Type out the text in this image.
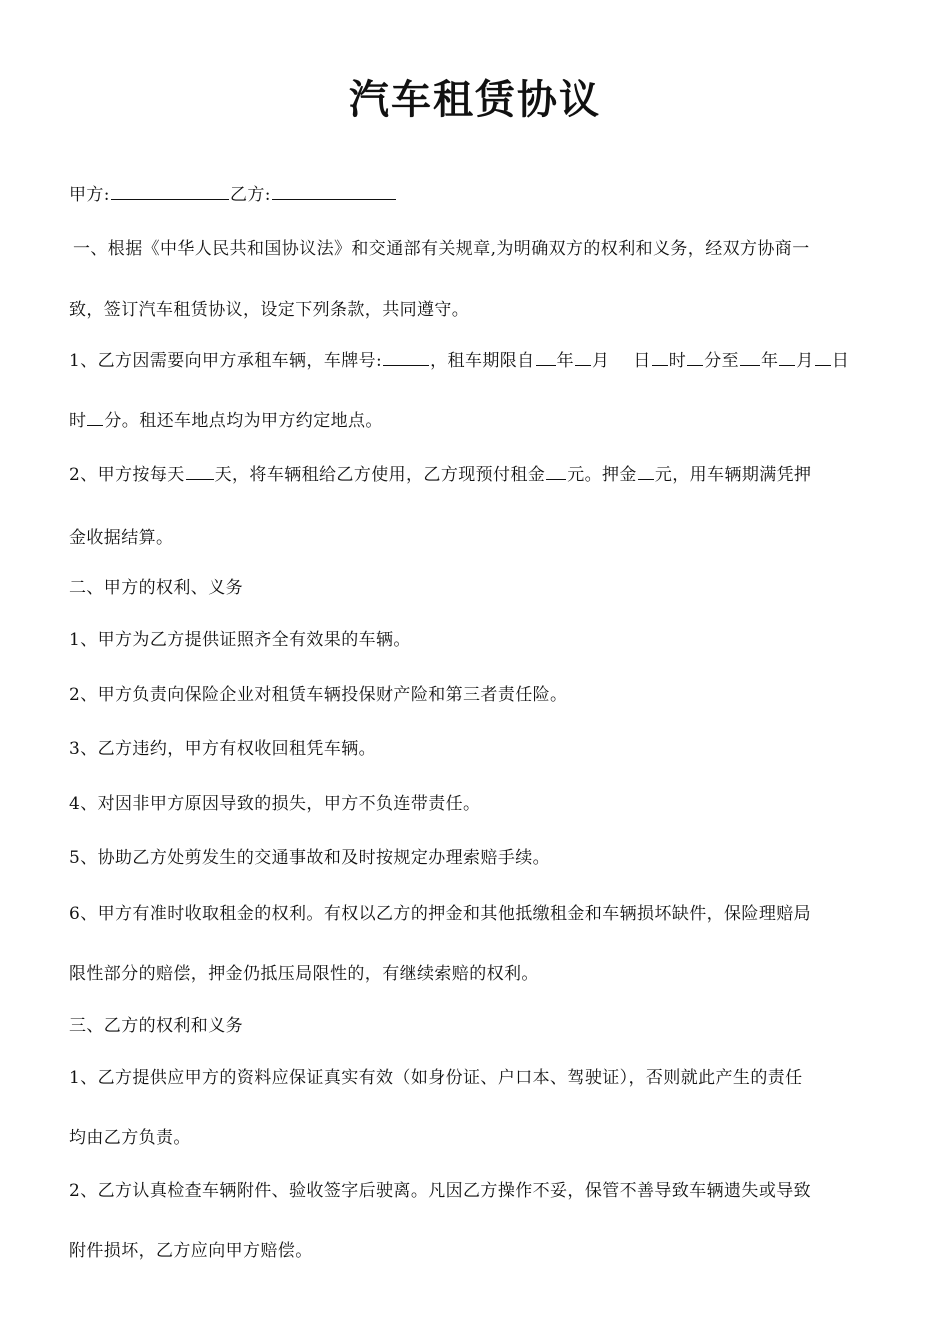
汽车租赁协议
甲方:	乙方:
一、根据《中华人民共和国协议法》和交通部有关规章,为明确双方的权利和义务，经双方协商一
致，签订汽车租赁协议，设定下列条款，共同遵守。
1、乙方因需要向甲方承租车辆，车牌号:	，租车期限自 年 月 日 时 分至 年 月 日
时 分。租还车地点均为甲方约定地点。
2、甲方按每天 天，将车辆租给乙方使用，乙方现预付租金 元。押金 元，用车辆期满凭押
金收据结算。
二、甲方的权利、义务
1、甲方为乙方提供证照齐全有效果的车辆。
2、甲方负责向保险企业对租赁车辆投保财产险和第三者责任险。
3、乙方违约，甲方有权收回租凭车辆。
4、对因非甲方原因导致的损失，甲方不负连带责任。
5、协助乙方处剪发生的交通事故和及时按规定办理索赔手续。
6、甲方有准时收取租金的权利。有权以乙方的押金和其他抵缴租金和车辆损坏缺件，保险理赔局
限性部分的赔偿，押金仍抵压局限性的，有继续索赔的权利。
三、乙方的权利和义务
1、乙方提供应甲方的资料应保证真实有效（如身份证、户口本、驾驶证），否则就此产生的责任
均由乙方负责。
2、乙方认真检查车辆附件、验收签字后驶离。凡因乙方操作不妥，保管不善导致车辆遗失或导致
附件损坏，乙方应向甲方赔偿。
